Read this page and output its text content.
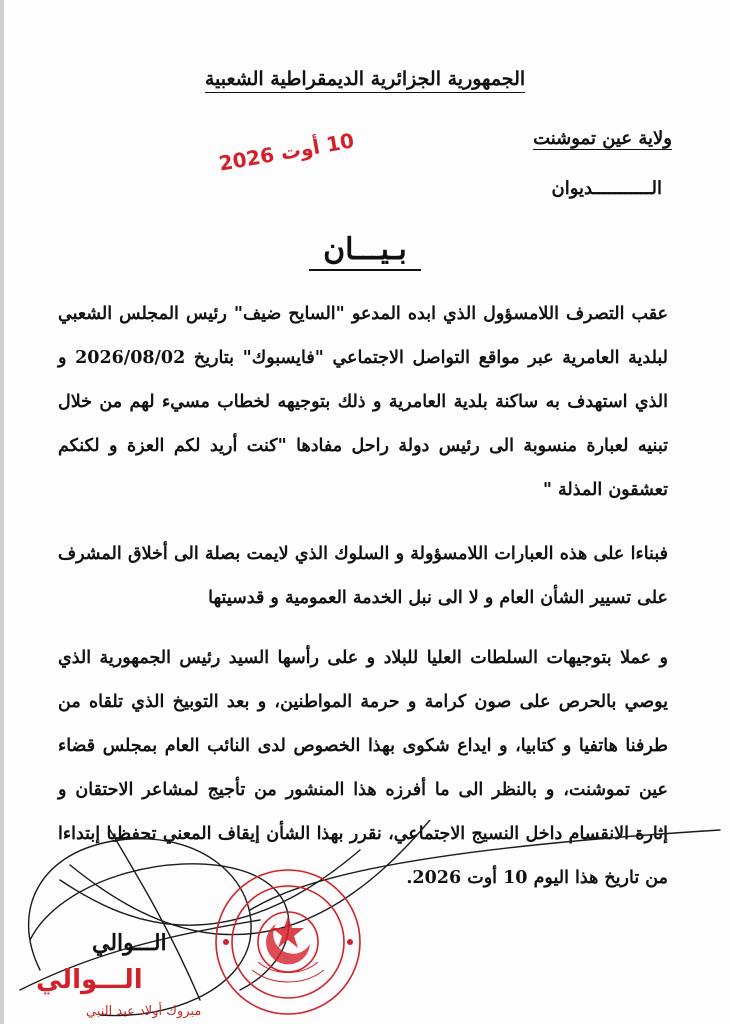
الجمهورية الجزائرية الديمقراطية الشعبية
ولاية عين تموشنت
الـــــــــــديوان
10 أوت 2026
بـيـــان
عقب التصرف اللامسؤول الذي ابده المدعو "السايح ضيف" رئيس المجلس الشعبي لبلدية العامرية عبر مواقع التواصل الاجتماعي "فايسبوك" بتاريخ 2026/08/02 و الذي استهدف به ساكنة بلدية العامرية و ذلك بتوجيهه لخطاب مسيء لهم من خلال تبنيه لعبارة منسوبة الى رئيس دولة راحل مفادها "كنت أريد لكم العزة و لكنكم تعشقون المذلة "
فبناءا على هذه العبارات اللامسؤولة و السلوك الذي لايمت بصلة الى أخلاق المشرف على تسيير الشأن العام و لا الى نبل الخدمة العمومية و قدسيتها
و عملا بتوجيهات السلطات العليا للبلاد و على رأسها السيد رئيس الجمهورية الذي يوصي بالحرص على صون كرامة و حرمة المواطنين، و بعد التوبيخ الذي تلقاه من طرفنا هاتفيا و كتابيا، و ايداع شكوى بهذا الخصوص لدى النائب العام بمجلس قضاء عين تموشنت، و بالنظر الى ما أفرزه هذا المنشور من تأجيج لمشاعر الاحتقان و إثارة الانقسام داخل النسيج الاجتماعي، نقرر بهذا الشأن إيقاف المعني تحفظيا إبتداءا من تاريخ هذا اليوم 10 أوت 2026.
الـــوالي
الـــوالي
مبروك أولاد عبد النبي
